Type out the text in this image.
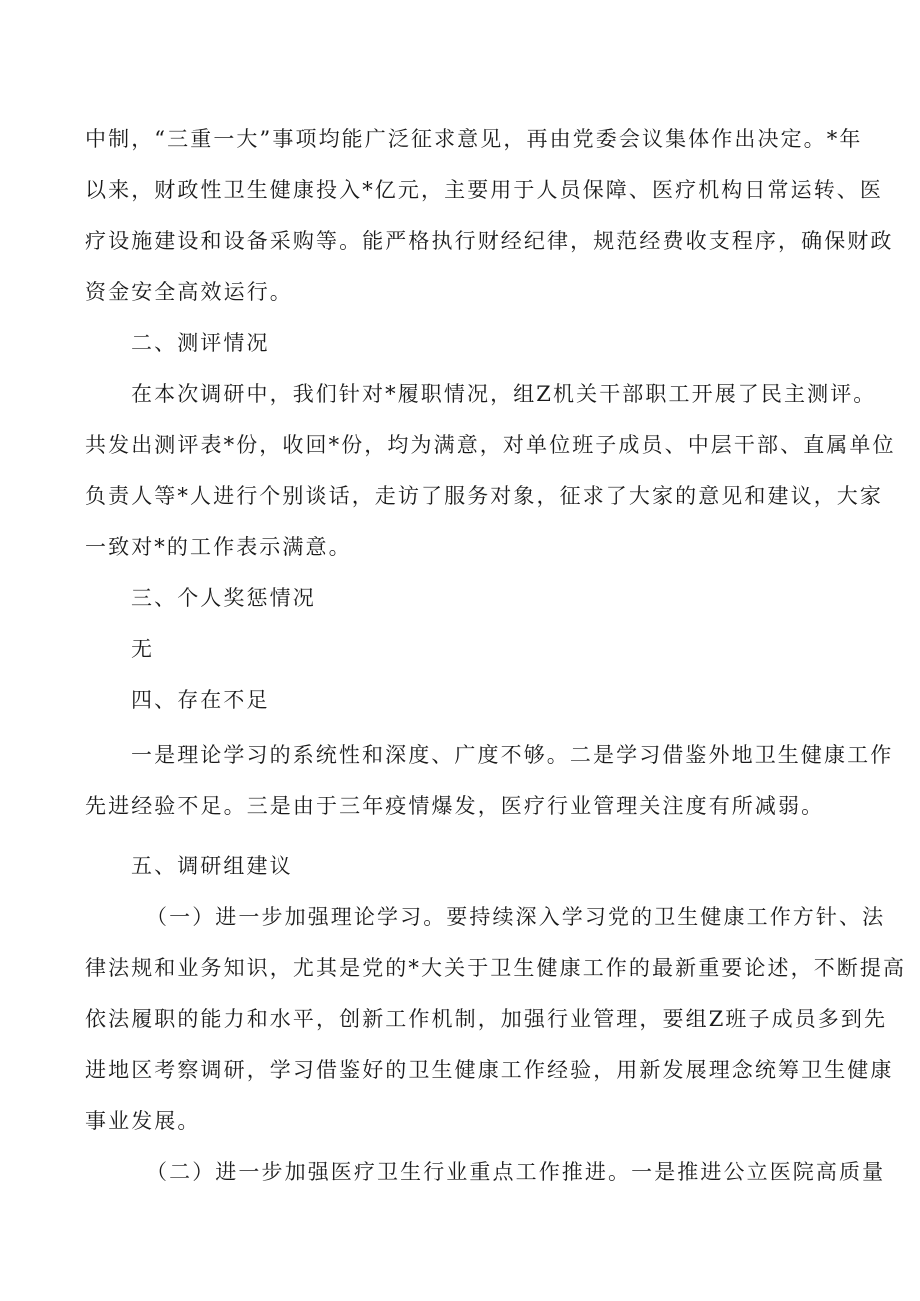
中制，“三重一大”事项均能广泛征求意见，再由党委会议集体作出决定。*年
以来，财政性卫生健康投入*亿元，主要用于人员保障、医疗机构日常运转、医
疗设施建设和设备采购等。能严格执行财经纪律，规范经费收支程序，确保财政
资金安全高效运行。
二、测评情况
在本次调研中，我们针对*履职情况，组Z机关干部职工开展了民主测评。
共发出测评表*份，收回*份，均为满意，对单位班子成员、中层干部、直属单位
负责人等*人进行个别谈话，走访了服务对象，征求了大家的意见和建议，大家
一致对*的工作表示满意。
三、个人奖惩情况
无
四、存在不足
一是理论学习的系统性和深度、广度不够。二是学习借鉴外地卫生健康工作
先进经验不足。三是由于三年疫情爆发，医疗行业管理关注度有所减弱。
五、调研组建议
（一）进一步加强理论学习。要持续深入学习党的卫生健康工作方针、法
律法规和业务知识，尤其是党的*大关于卫生健康工作的最新重要论述，不断提高
依法履职的能力和水平，创新工作机制，加强行业管理，要组Z班子成员多到先
进地区考察调研，学习借鉴好的卫生健康工作经验，用新发展理念统筹卫生健康
事业发展。
（二）进一步加强医疗卫生行业重点工作推进。一是推进公立医院高质量
